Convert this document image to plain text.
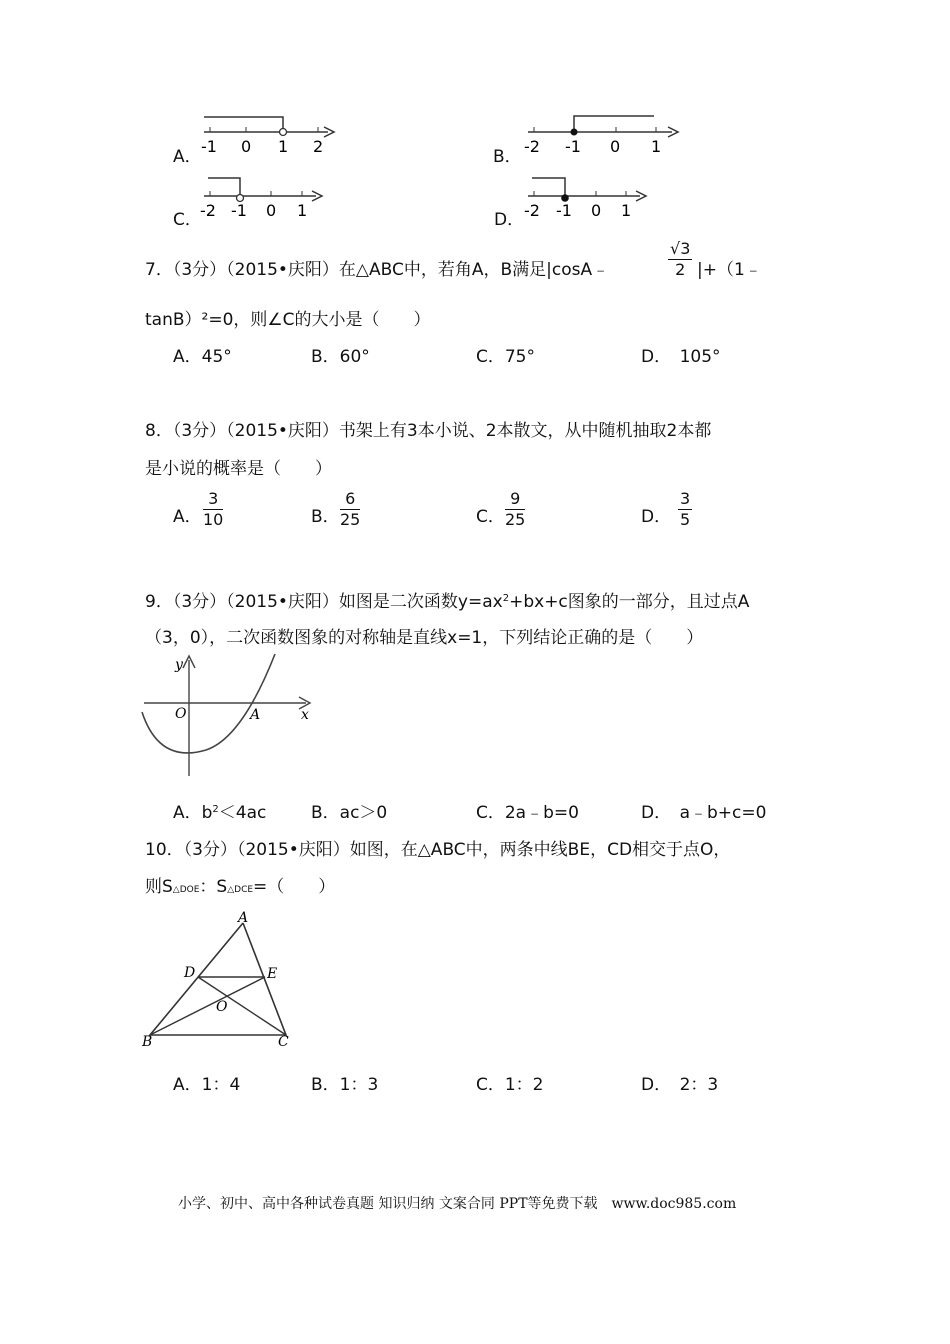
A．
-1 0 1 2
B．
-2 -1 0 1
C．
-2 -1 0 1	D． -2 -1 0 1
7．（3分）（2015•庆阳）在△ABC中，若角A，B满足|cosA﹣	$\frac{√3}{2}$ |+（1﹣
tanB）²=0，则∠C的大小是（　　）
A．45°	B．60°	C．75°	D．　105°
8．（3分）（2015•庆阳）书架上有3本小说、2本散文，从中随机抽取2本都
是小说的概率是（　　）
A． $\frac{3}{10}$	B． $\frac{6}{25}$	C． $\frac{9}{25}$	D． $\frac{3}{5}$
9．（3分）（2015•庆阳）如图是二次函数$y=ax^2+bx+c$图象的一部分，且过点A
（3，0），二次函数图象的对称轴是直线x=1，下列结论正确的是（　　）
y
x
O	A
A．$b^2<4ac$	B．ac＞0	C．2a﹣b=0	D．　a﹣b+c=0
10．（3分）（2015•庆阳）如图，在△ABC中，两条中线BE，CD相交于点O，
则S△DOE：S△DCE=（　　）
A
D	E
O
B	C
A．1：4	B．1：3	C．1：2	D．　2：3
小学、初中、高中各种试卷真题 知识归纳 文案合同 PPT等免费下载　www.doc985.com
